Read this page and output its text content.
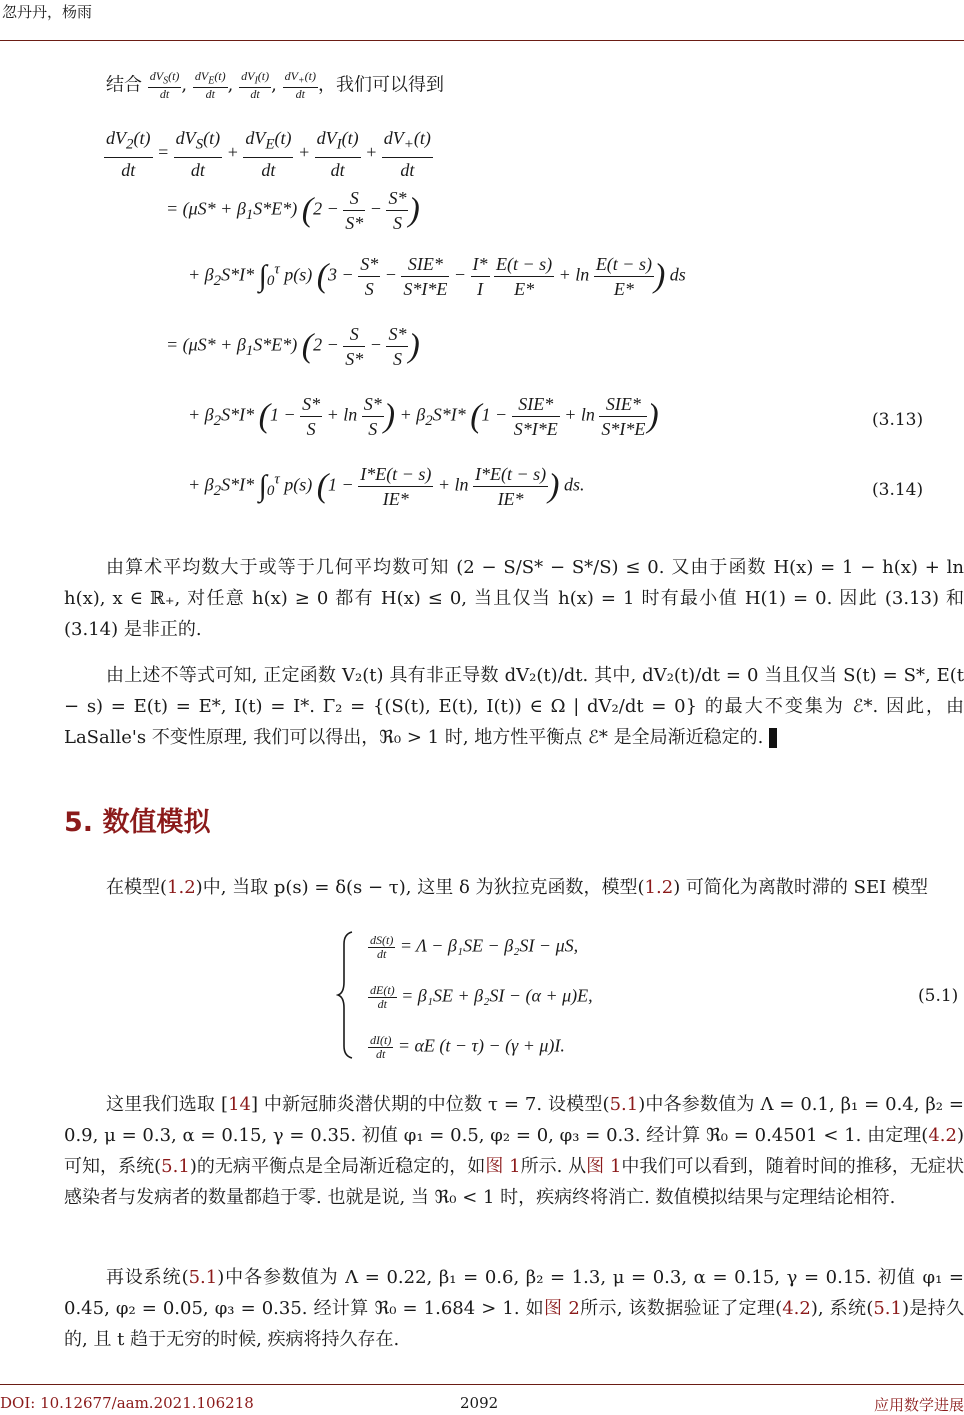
忽丹丹，杨雨
结合 $\frac{dV_S(t)}{dt}$ , $\frac{dV_E(t)}{dt}$ , $\frac{dV_I(t)}{dt}$ , $\frac{dV_+(t)}{dt}$ ，我们可以得到
$\frac{dV_2(t)}{dt} = \frac{dV_S(t)}{dt} + \frac{dV_E(t)}{dt} + \frac{dV_I(t)}{dt} + \frac{dV_+(t)}{dt}$
= $(\mu S* + \beta_1S*E*)$ ($2 - \frac{S}{S*} - \frac{S*}{S}$ )
+ $\beta_2S*I*$ $\int_0^\tau$ p(s) ($3 - \frac{S*}{S} - \frac{\text{SIE*}}{S*I*E} - \frac{I*}{I}$
$\frac{E(t - s)}{E*} + \ln \frac{E(t - s)}{E*}$ ) ds
= $(\mu S* + \beta_1S*E*)$ ($2 - \frac{S}{S*} - \frac{S*}{S}$ )
+ $\beta_2S*I*$ ($1 - \frac{S*}{S} + \ln \frac{S*}{S}$ ) + $\beta_2S*I*$ ($1 - \frac{\text{SIE*}}{S*I*E} + \ln \frac{\text{SIE*}}{S*I*E}$ )	(3.13)
+ $\beta_2S*I*$ $\int_0^\tau$ p(s) ($1 - \frac{I*E(t - s)}{IE*} + \ln \frac{I*E(t - s)}{IE*}$ ) ds.	(3.14)
由算术平均数大于或等于几何平均数可知 (2 − S/S* − S*/S) ≤ 0. 又由于函数 H(x) = 1 − h(x) + ln h(x), x ∈ ℝ₊, 对任意 h(x) ≥ 0 都有 H(x) ≤ 0, 当且仅当 h(x) = 1 时有最小值 H(1) = 0. 因此 (3.13) 和 (3.14) 是非正的.
由上述不等式可知, 正定函数 V₂(t) 具有非正导数 dV₂(t)/dt. 其中, dV₂(t)/dt = 0 当且仅当 S(t) = S*, E(t − s) = E(t) = E*, I(t) = I*. Γ₂ = {(S(t), E(t), I(t)) ∈ Ω | dV₂/dt = 0} 的最大不变集为 ℰ*. 因此，由 LaSalle's 不变性原理, 我们可以得出，ℜ₀ > 1 时, 地方性平衡点 ℰ* 是全局渐近稳定的.
5. 数值模拟
在模型(1.2)中, 当取 p(s) = δ(s − τ), 这里 δ 为狄拉克函数，模型(1.2) 可简化为离散时滞的 SEI 模型
$\frac{dS(t)}{dt} = \Lambda - \beta_1SE - \beta_2SI - \mu S$,
$\frac{dE(t)}{dt} = \beta_1SE + \beta_2SI - (\alpha + \mu)E$,
$\frac{dI(t)}{dt} = \alpha E$ (t − τ) − (γ + μ)I.
(5.1)
这里我们选取 [14] 中新冠肺炎潜伏期的中位数 τ = 7. 设模型(5.1)中各参数值为 Λ = 0.1, β₁ = 0.4, β₂ = 0.9, μ = 0.3, α = 0.15, γ = 0.35. 初值 φ₁ = 0.5, φ₂ = 0, φ₃ = 0.3. 经计算 ℜ₀ = 0.4501 < 1. 由定理(4.2)可知，系统(5.1)的无病平衡点是全局渐近稳定的，如图 1所示. 从图 1中我们可以看到，随着时间的推移，无症状感染者与发病者的数量都趋于零. 也就是说, 当 ℜ₀ < 1 时，疾病终将消亡. 数值模拟结果与定理结论相符.
再设系统(5.1)中各参数值为 Λ = 0.22, β₁ = 0.6, β₂ = 1.3, μ = 0.3, α = 0.15, γ = 0.15. 初值 φ₁ = 0.45, φ₂ = 0.05, φ₃ = 0.35. 经计算 ℜ₀ = 1.684 > 1. 如图 2所示, 该数据验证了定理(4.2), 系统(5.1)是持久的, 且 t 趋于无穷的时候, 疾病将持久存在.
DOI: 10.12677/aam.2021.106218	2092	应用数学进展
